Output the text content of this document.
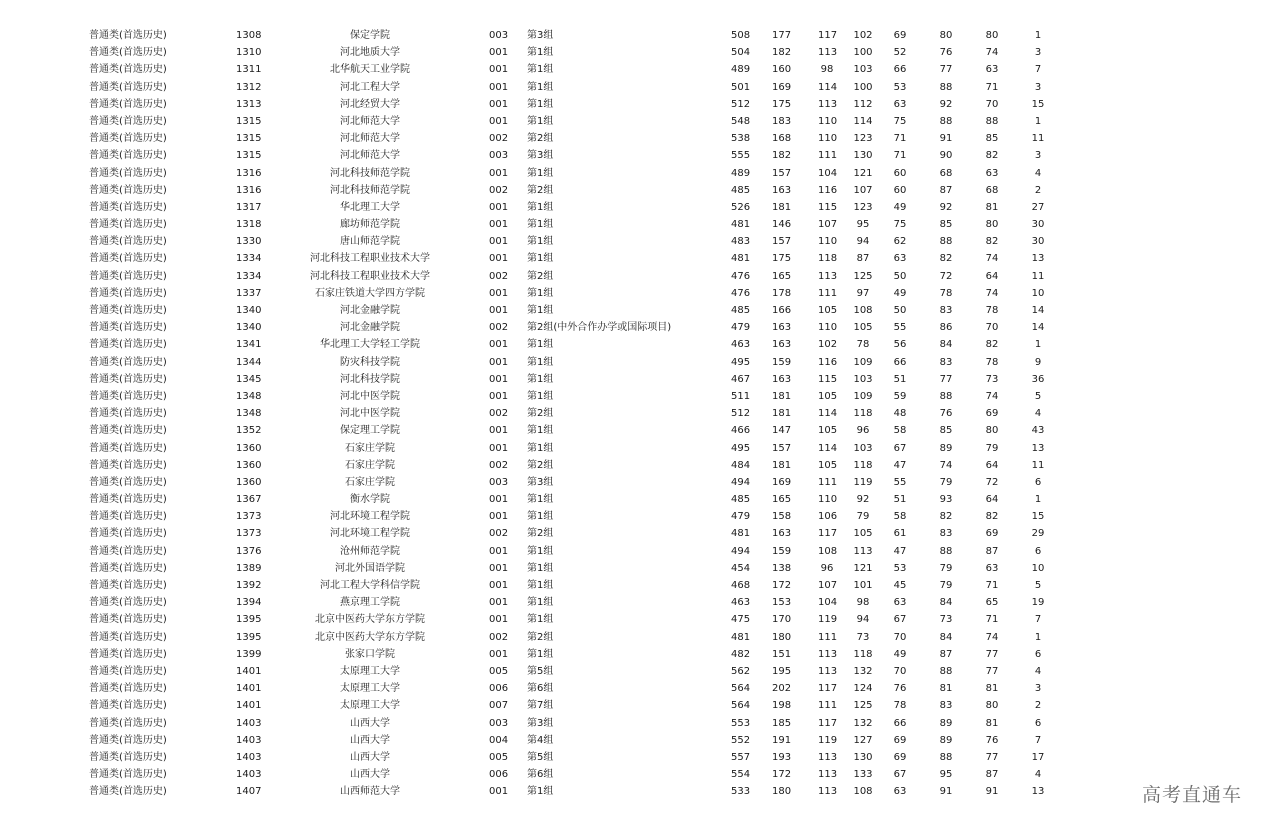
普通类(首选历史)	1308	保定学院	003 第3组	508 177	117 102 69	80	80	1
普通类(首选历史)	1310	河北地质大学	001 第1组	504 182	113 100 52	76	74	3
普通类(首选历史)	1311	北华航天工业学院	001 第1组	489 160	98 103 66	77	63	7
普通类(首选历史)	1312	河北工程大学	001 第1组	501 169	114 100 53	88	71	3
普通类(首选历史)	1313	河北经贸大学	001 第1组	512 175	113 112 63	92	70	15
普通类(首选历史)	1315	河北师范大学	001 第1组	548 183	110 114 75	88	88	1
普通类(首选历史)	1315	河北师范大学	002 第2组	538 168	110 123 71	91	85	11
普通类(首选历史)	1315	河北师范大学	003 第3组	555 182	111 130 71	90	82	3
普通类(首选历史)	1316	河北科技师范学院	001 第1组	489 157	104 121 60	68	63	4
普通类(首选历史)	1316	河北科技师范学院	002 第2组	485 163	116 107 60	87	68	2
普通类(首选历史)	1317	华北理工大学	001 第1组	526 181	115 123 49	92	81	27
普通类(首选历史)	1318	廊坊师范学院	001 第1组	481 146	107	95	75	85	80	30
普通类(首选历史)	1330	唐山师范学院	001 第1组	483 157	110	94	62	88	82	30
普通类(首选历史)	1334	河北科技工程职业技术大学	001 第1组	481 175	118	87	63	82	74	13
普通类(首选历史)	1334	河北科技工程职业技术大学	002 第2组	476 165	113 125 50	72	64	11
普通类(首选历史)	1337	石家庄铁道大学四方学院	001 第1组	476 178	111	97	49	78	74	10
普通类(首选历史)	1340	河北金融学院	001 第1组	485 166	105 108 50	83	78	14
普通类(首选历史)	1340	河北金融学院	002 第2组(中外合作办学或国际项目)	479 163	110 105 55	86	70	14
普通类(首选历史)	1341	华北理工大学轻工学院	001 第1组	463 163	102	78	56	84	82	1
普通类(首选历史)	1344	防灾科技学院	001 第1组	495 159	116 109 66	83	78	9
普通类(首选历史)	1345	河北科技学院	001 第1组	467 163	115 103 51	77	73	36
普通类(首选历史)	1348	河北中医学院	001 第1组	511 181	105 109 59	88	74	5
普通类(首选历史)	1348	河北中医学院	002 第2组	512 181	114 118 48	76	69	4
普通类(首选历史)	1352	保定理工学院	001 第1组	466 147	105	96	58	85	80	43
普通类(首选历史)	1360	石家庄学院	001 第1组	495 157	114 103 67	89	79	13
普通类(首选历史)	1360	石家庄学院	002 第2组	484 181	105 118 47	74	64	11
普通类(首选历史)	1360	石家庄学院	003 第3组	494 169	111 119 55	79	72	6
普通类(首选历史)	1367	衡水学院	001 第1组	485 165	110	92	51	93	64	1
普通类(首选历史)	1373	河北环境工程学院	001 第1组	479 158	106	79	58	82	82	15
普通类(首选历史)	1373	河北环境工程学院	002 第2组	481 163	117 105 61	83	69	29
普通类(首选历史)	1376	沧州师范学院	001 第1组	494 159	108 113 47	88	87	6
普通类(首选历史)	1389	河北外国语学院	001 第1组	454 138	96 121 53	79	63	10
普通类(首选历史)	1392	河北工程大学科信学院	001 第1组	468 172	107 101 45	79	71	5
普通类(首选历史)	1394	燕京理工学院	001 第1组	463 153	104	98	63	84	65	19
普通类(首选历史)	1395	北京中医药大学东方学院	001 第1组	475 170	119	94	67	73	71	7
普通类(首选历史)	1395	北京中医药大学东方学院	002 第2组	481 180	111	73	70	84	74	1
普通类(首选历史)	1399	张家口学院	001 第1组	482 151	113 118 49	87	77	6
普通类(首选历史)	1401	太原理工大学	005 第5组	562 195	113 132 70	88	77	4
普通类(首选历史)	1401	太原理工大学	006 第6组	564 202	117 124 76	81	81	3
普通类(首选历史)	1401	太原理工大学	007 第7组	564 198	111 125 78	83	80	2
普通类(首选历史)	1403	山西大学	003 第3组	553 185	117 132 66	89	81	6
普通类(首选历史)	1403	山西大学	004 第4组	552 191	119 127 69	89	76	7
普通类(首选历史)	1403	山西大学	005 第5组	557 193	113 130 69	88	77	17
普通类(首选历史)	1403	山西大学	006 第6组	554 172	113 133 67	95	87	4
普通类(首选历史)	1407	山西师范大学	001 第1组	533 180	113 108 63	91	91	13	高考直通车
